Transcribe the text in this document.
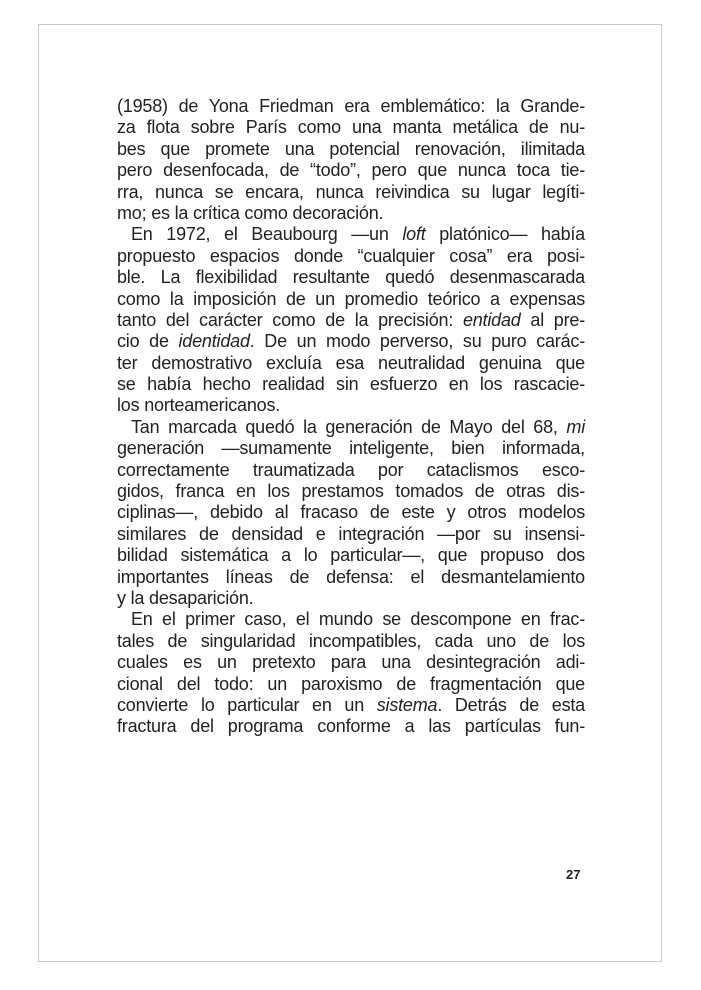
(1958) de Yona Friedman era emblemático: la Grande-
za flota sobre París como una manta metálica de nu-
bes que promete una potencial renovación, ilimitada
pero desenfocada, de “todo”, pero que nunca toca tie-
rra, nunca se encara, nunca reivindica su lugar legíti-
mo; es la crítica como decoración.
En 1972, el Beaubourg —un loft platónico— había
propuesto espacios donde “cualquier cosa” era posi-
ble. La flexibilidad resultante quedó desenmascarada
como la imposición de un promedio teórico a expensas
tanto del carácter como de la precisión: entidad al pre-
cio de identidad. De un modo perverso, su puro carác-
ter demostrativo excluía esa neutralidad genuina que
se había hecho realidad sin esfuerzo en los rascacie-
los norteamericanos.
Tan marcada quedó la generación de Mayo del 68, mi
generación —sumamente inteligente, bien informada,
correctamente traumatizada por cataclismos esco-
gidos, franca en los prestamos tomados de otras dis-
ciplinas—, debido al fracaso de este y otros modelos
similares de densidad e integración —por su insensi-
bilidad sistemática a lo particular—, que propuso dos
importantes líneas de defensa: el desmantelamiento
y la desaparición.
En el primer caso, el mundo se descompone en frac-
tales de singularidad incompatibles, cada uno de los
cuales es un pretexto para una desintegración adi-
cional del todo: un paroxismo de fragmentación que
convierte lo particular en un sistema. Detrás de esta
fractura del programa conforme a las partículas fun-
27
